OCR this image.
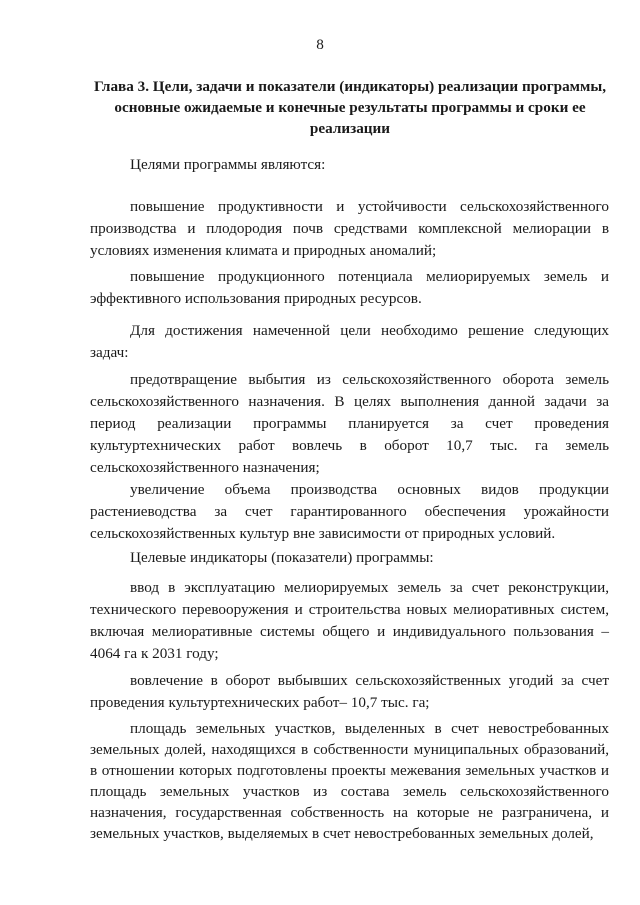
8
Глава 3. Цели, задачи и показатели (индикаторы) реализации программы, основные ожидаемые и конечные результаты программы и сроки ее реализации

Целями программы являются:

повышение продуктивности и устойчивости сельскохозяйственного производства и плодородия почв средствами комплексной мелиорации в условиях изменения климата и природных аномалий;

повышение продукционного потенциала мелиорируемых земель и эффективного использования природных ресурсов.

Для достижения намеченной цели необходимо решение следующих задач:

предотвращение выбытия из сельскохозяйственного оборота земель сельскохозяйственного назначения. В целях выполнения данной задачи за период реализации программы планируется за счет проведения культуртехнических работ вовлечь в оборот 10,7 тыс. га земель сельскохозяйственного назначения;

увеличение объема производства основных видов продукции растениеводства за счет гарантированного обеспечения урожайности сельскохозяйственных культур вне зависимости от природных условий.

Целевые индикаторы (показатели) программы:

ввод в эксплуатацию мелиорируемых земель за счет реконструкции, технического перевооружения и строительства новых мелиоративных систем, включая мелиоративные системы общего и индивидуального пользования – 4064 га к 2031 году;

вовлечение в оборот выбывших сельскохозяйственных угодий за счет проведения культуртехнических работ– 10,7 тыс. га;

площадь земельных участков, выделенных в счет невостребованных земельных долей, находящихся в собственности муниципальных образований, в отношении которых подготовлены проекты межевания земельных участков и площадь земельных участков из состава земель сельскохозяйственного назначения, государственная собственность на которые не разграничена, и земельных участков, выделяемых в счет невостребованных земельных долей,
